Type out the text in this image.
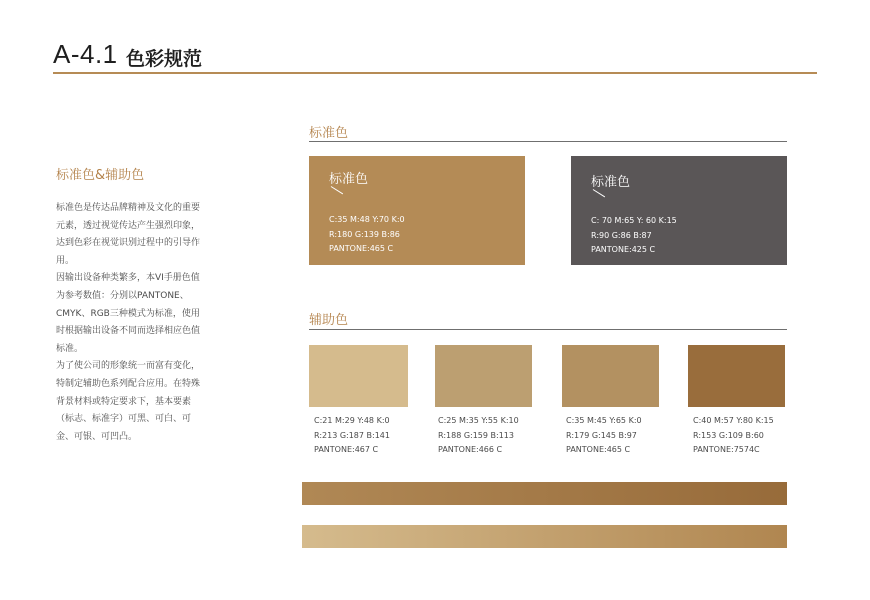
A-4.1 色彩规范
标准色&辅助色

标准色是传达品牌精神及文化的重要

元素，透过视觉传达产生强烈印象，

达到色彩在视觉识别过程中的引导作

用。

因输出设备种类繁多，本VI手册色值

为参考数值：分别以PANTONE、

CMYK、RGB三种模式为标准，使用

时根据输出设备不同而选择相应色值

标准。

为了使公司的形象统一而富有变化，

特制定辅助色系列配合应用。在特殊

背景材料或特定要求下，基本要素

（标志、标准字）可黑、可白、可

金、可银、可凹凸。

标准色
标准色
C:35 M:48 Y:70 K:0
R:180 G:139 B:86
PANTONE:465 C
标准色
C: 70 M:65 Y: 60 K:15
R:90 G:86 B:87
PANTONE:425 C
辅助色
C:21 M:29 Y:48 K:0
R:213 G:187 B:141
PANTONE:467 C
C:25 M:35 Y:55 K:10
R:188 G:159 B:113
PANTONE:466 C
C:35 M:45 Y:65 K:0
R:179 G:145 B:97
PANTONE:465 C
C:40 M:57 Y:80 K:15
R:153 G:109 B:60
PANTONE:7574C
